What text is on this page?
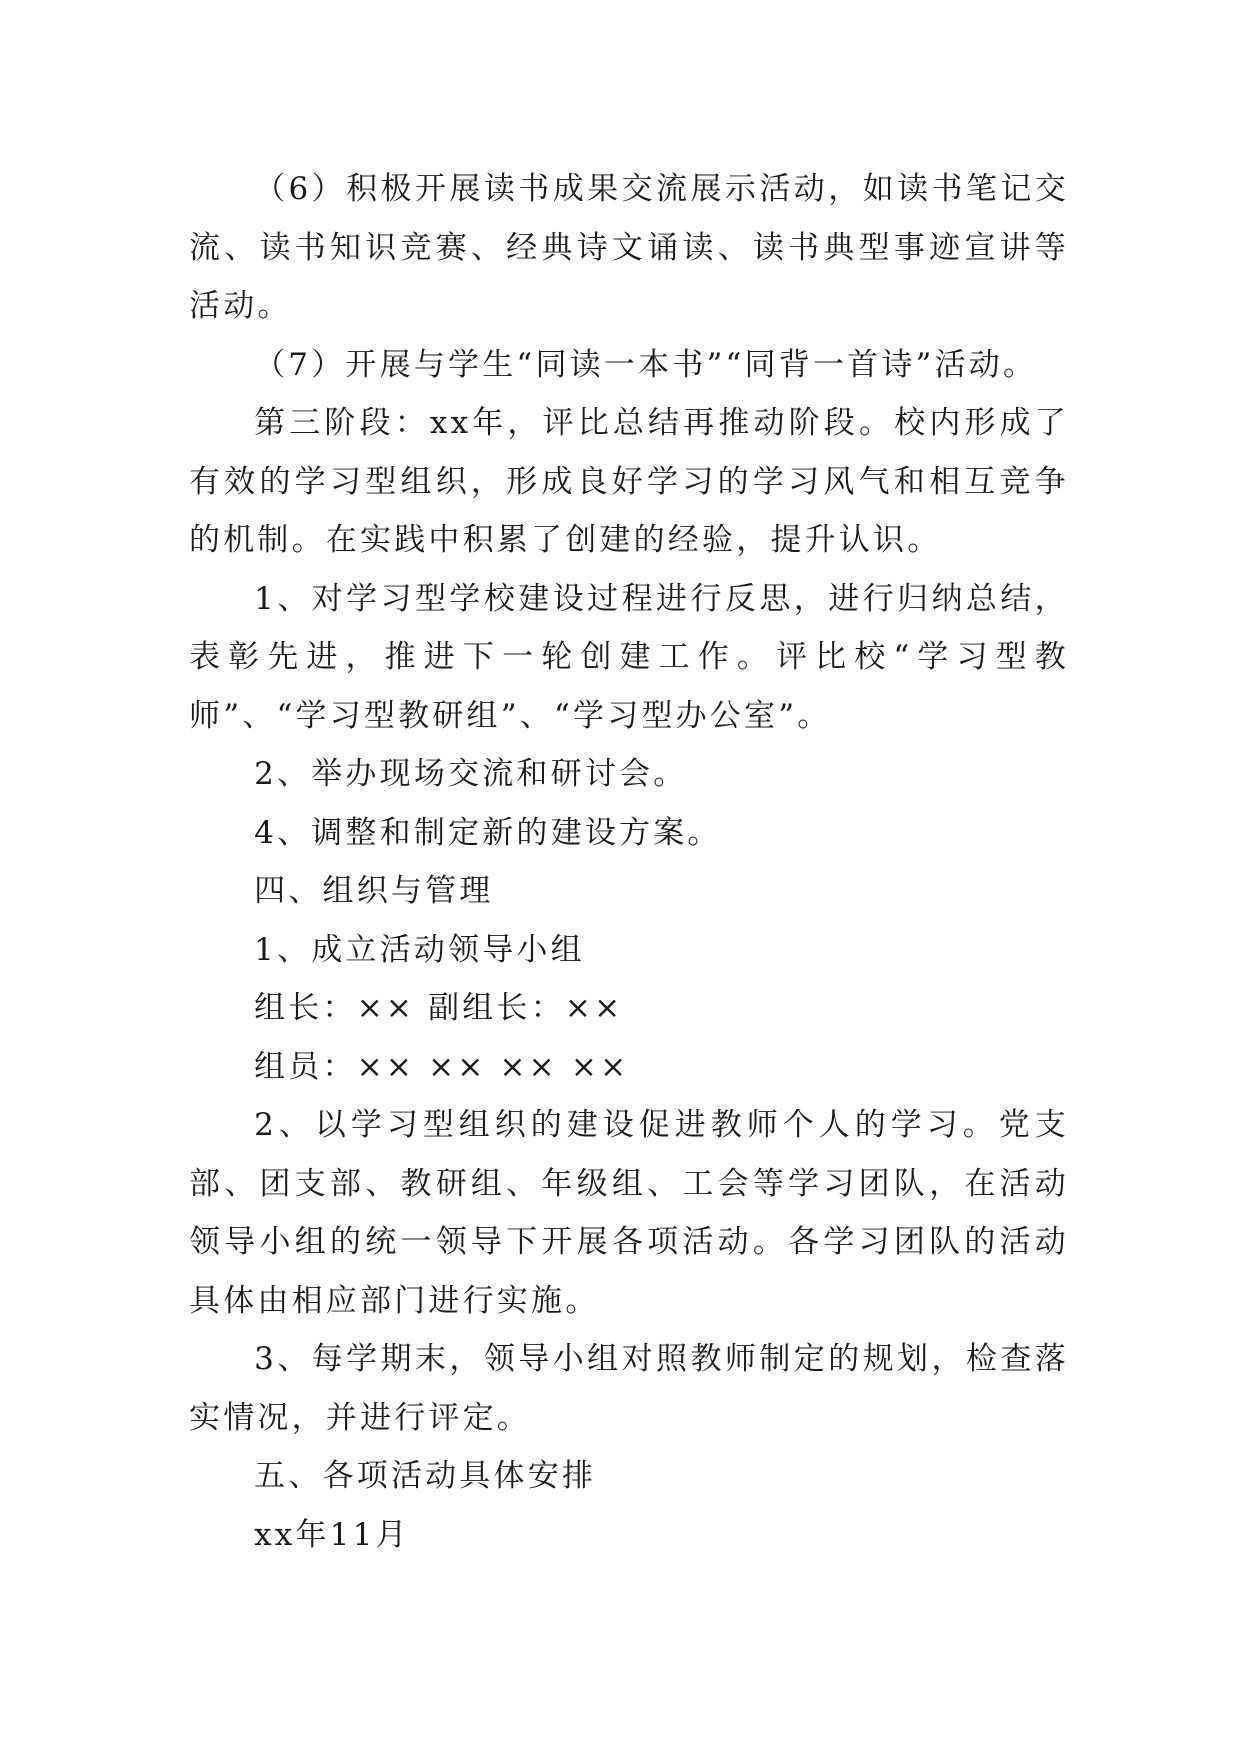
（6）积极开展读书成果交流展示活动，如读书笔记交流、读书知识竞赛、经典诗文诵读、读书典型事迹宣讲等活动。

（7）开展与学生“同读一本书”“同背一首诗”活动。

第三阶段：xx年，评比总结再推动阶段。校内形成了有效的学习型组织，形成良好学习的学习风气和相互竞争的机制。在实践中积累了创建的经验，提升认识。

1、对学习型学校建设过程进行反思，进行归纳总结，表彰先进，推进下一轮创建工作。评比校“学习型教师”、“学习型教研组”、“学习型办公室”。

2、举办现场交流和研讨会。

4、调整和制定新的建设方案。

四、组织与管理

1、成立活动领导小组

组长：×× 副组长：××

组员：×× ×× ×× ××

2、以学习型组织的建设促进教师个人的学习。党支部、团支部、教研组、年级组、工会等学习团队，在活动领导小组的统一领导下开展各项活动。各学习团队的活动具体由相应部门进行实施。

3、每学期末，领导小组对照教师制定的规划，检查落实情况，并进行评定。

五、各项活动具体安排

xx年11月
